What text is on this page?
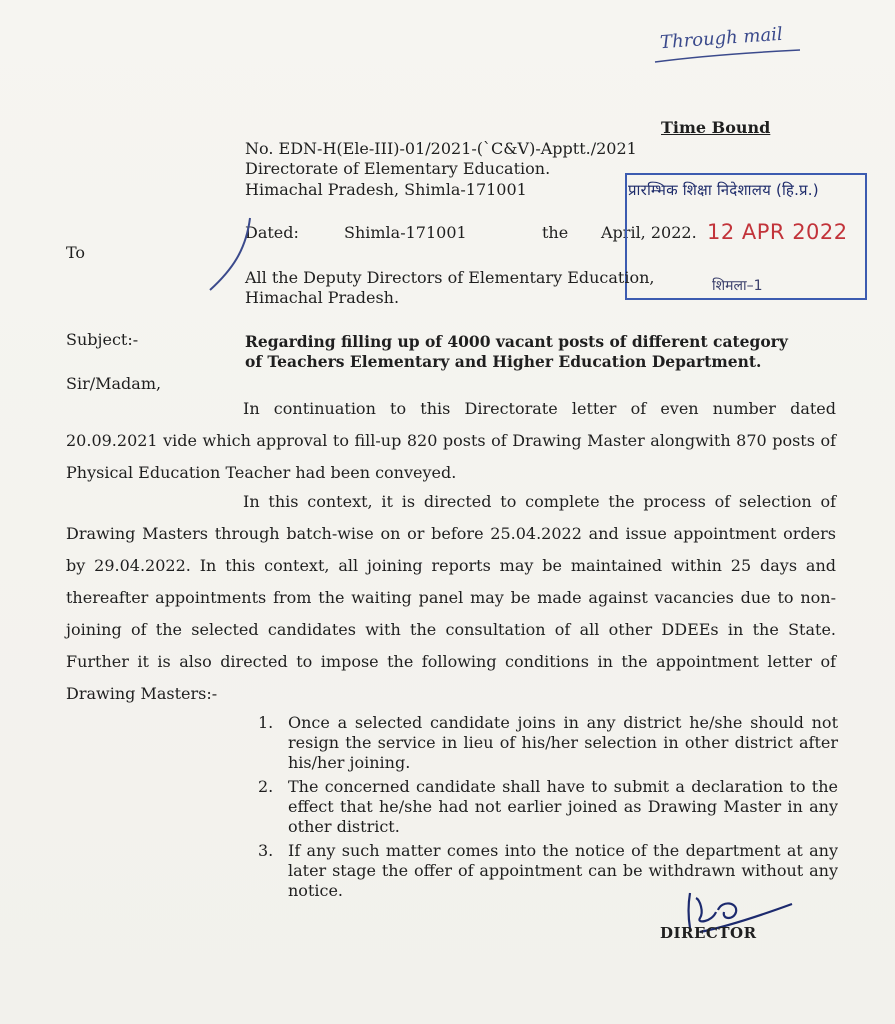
Through mail
Time Bound
No. EDN-H(Ele-III)-01/2021-(`C&V)-Apptt./2021
Directorate of Elementary Education.
Himachal Pradesh, Shimla-171001
Dated:	Shimla-171001	the April, 2022.
प्रारम्भिक शिक्षा निदेशालय (हि.प्र.)
12 APR 2022
शिमला–1
To
All the Deputy Directors of Elementary Education,
Himachal Pradesh.
Subject:-	Regarding filling up of 4000 vacant posts of different category
of Teachers Elementary and Higher Education Department.
Sir/Madam,
In continuation to this Directorate letter of even number dated 20.09.2021 vide which approval to fill-up 820 posts of Drawing Master alongwith 870 posts of Physical Education Teacher had been conveyed.
In this context, it is directed to complete the process of selection of Drawing Masters through batch-wise on or before 25.04.2022 and issue appointment orders by 29.04.2022. In this context, all joining reports may be maintained within 25 days and thereafter appointments from the waiting panel may be made against vacancies due to non-joining of the selected candidates with the consultation of all other DDEEs in the State. Further it is also directed to impose the following conditions in the appointment letter of Drawing Masters:-
1. Once a selected candidate joins in any district he/she should not resign the service in lieu of his/her selection in other district after his/her joining.
2. The concerned candidate shall have to submit a declaration to the effect that he/she had not earlier joined as Drawing Master in any other district.
3. If any such matter comes into the notice of the department at any later stage the offer of appointment can be withdrawn without any notice.
DIRECTOR
